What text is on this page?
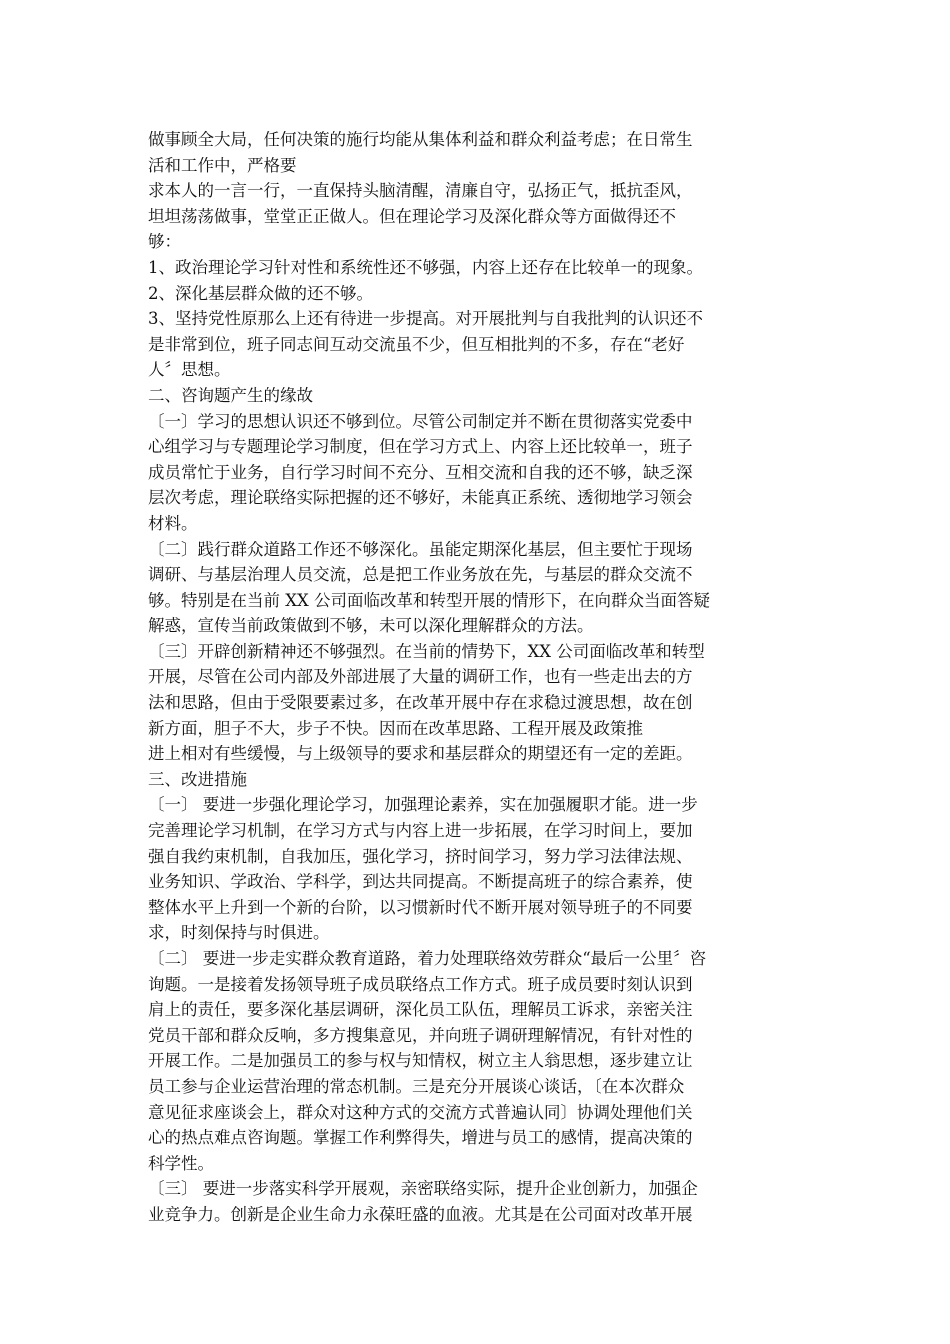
做事顾全大局，任何决策的施行均能从集体利益和群众利益考虑；在日常生
活和工作中，严格要
求本人的一言一行，一直保持头脑清醒，清廉自守，弘扬正气，抵抗歪风，
坦坦荡荡做事，堂堂正正做人。但在理论学习及深化群众等方面做得还不
够：
1、政治理论学习针对性和系统性还不够强，内容上还存在比较单一的现象。
2、深化基层群众做的还不够。
3、坚持党性原那么上还有待进一步提高。对开展批判与自我批判的认识还不
是非常到位，班子同志间互动交流虽不少，但互相批判的不多，存在“老好
人〞思想。
二、咨询题产生的缘故
〔一〕学习的思想认识还不够到位。尽管公司制定并不断在贯彻落实党委中
心组学习与专题理论学习制度，但在学习方式上、内容上还比较单一，班子
成员常忙于业务，自行学习时间不充分、互相交流和自我的还不够，缺乏深
层次考虑，理论联络实际把握的还不够好，未能真正系统、透彻地学习领会
材料。
〔二〕践行群众道路工作还不够深化。虽能定期深化基层，但主要忙于现场
调研、与基层治理人员交流，总是把工作业务放在先，与基层的群众交流不
够。特别是在当前 XX 公司面临改革和转型开展的情形下，在向群众当面答疑
解惑，宣传当前政策做到不够，未可以深化理解群众的方法。
〔三〕开辟创新精神还不够强烈。在当前的情势下，XX 公司面临改革和转型
开展，尽管在公司内部及外部进展了大量的调研工作，也有一些走出去的方
法和思路，但由于受限要素过多，在改革开展中存在求稳过渡思想，故在创
新方面，胆子不大，步子不快。因而在改革思路、工程开展及政策推
进上相对有些缓慢，与上级领导的要求和基层群众的期望还有一定的差距。
三、改进措施
〔一〕 要进一步强化理论学习，加强理论素养，实在加强履职才能。进一步
完善理论学习机制，在学习方式与内容上进一步拓展，在学习时间上，要加
强自我约束机制，自我加压，强化学习，挤时间学习，努力学习法律法规、
业务知识、学政治、学科学，到达共同提高。不断提高班子的综合素养，使
整体水平上升到一个新的台阶，以习惯新时代不断开展对领导班子的不同要
求，时刻保持与时俱进。
〔二〕 要进一步走实群众教育道路，着力处理联络效劳群众“最后一公里〞咨
询题。一是接着发扬领导班子成员联络点工作方式。班子成员要时刻认识到
肩上的责任，要多深化基层调研，深化员工队伍，理解员工诉求，亲密关注
党员干部和群众反响，多方搜集意见，并向班子调研理解情况，有针对性的
开展工作。二是加强员工的参与权与知情权，树立主人翁思想，逐步建立让
员工参与企业运营治理的常态机制。三是充分开展谈心谈话，〔在本次群众
意见征求座谈会上，群众对这种方式的交流方式普遍认同〕协调处理他们关
心的热点难点咨询题。掌握工作利弊得失，增进与员工的感情，提高决策的
科学性。
〔三〕 要进一步落实科学开展观，亲密联络实际，提升企业创新力，加强企
业竞争力。创新是企业生命力永葆旺盛的血液。尤其是在公司面对改革开展
